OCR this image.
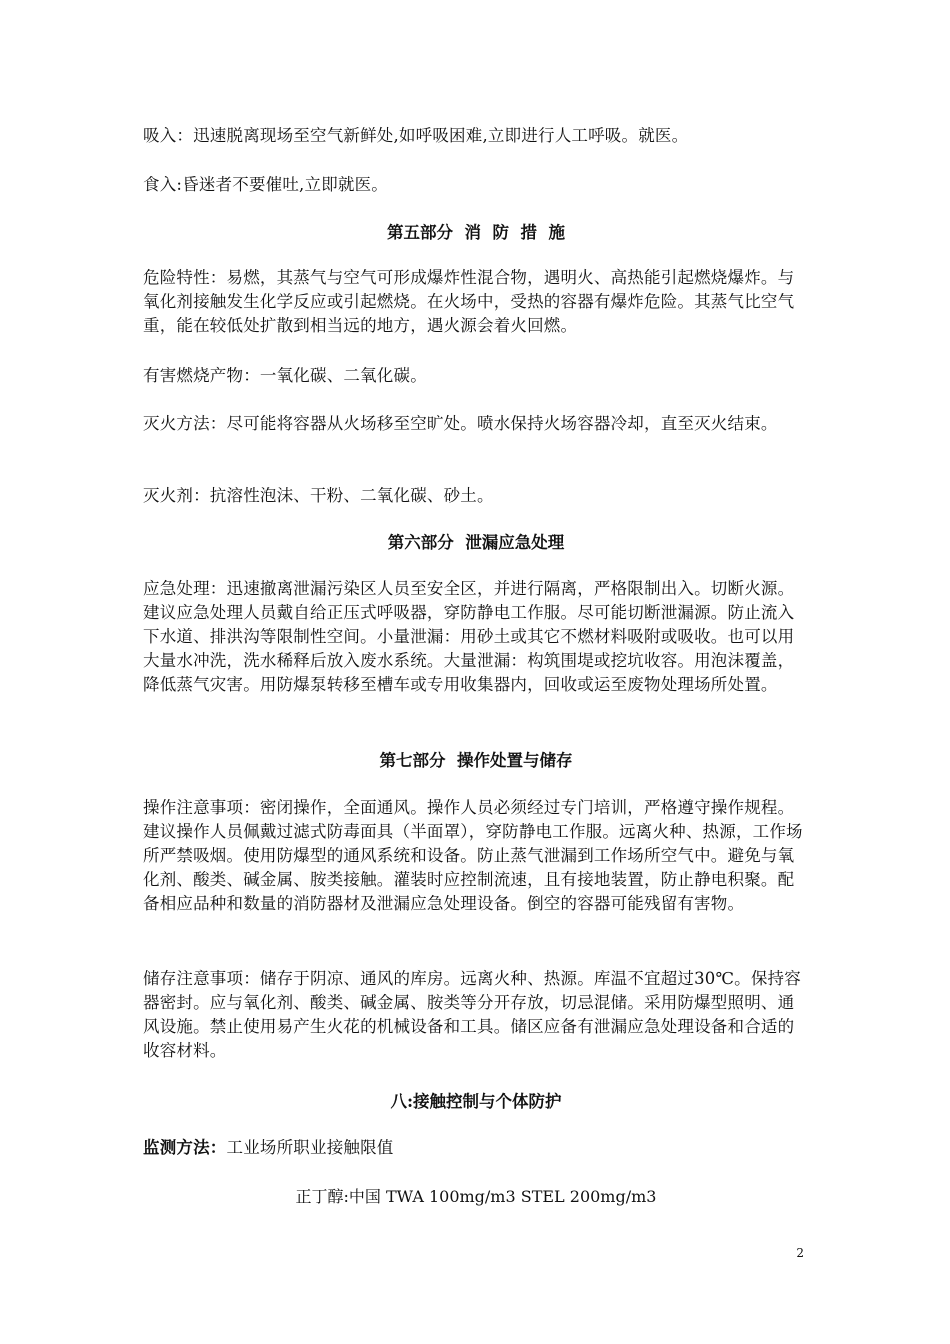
吸入：迅速脱离现场至空气新鲜处,如呼吸困难,立即进行人工呼吸。就医。

食入:昏迷者不要催吐,立即就医。

第五部分  消  防  措  施

危险特性：易燃，其蒸气与空气可形成爆炸性混合物，遇明火、高热能引起燃烧爆炸。与氧化剂接触发生化学反应或引起燃烧。在火场中，受热的容器有爆炸危险。其蒸气比空气重，能在较低处扩散到相当远的地方，遇火源会着火回燃。

有害燃烧产物：一氧化碳、二氧化碳。

灭火方法：尽可能将容器从火场移至空旷处。喷水保持火场容器冷却，直至灭火结束。

灭火剂：抗溶性泡沫、干粉、二氧化碳、砂土。

第六部分  泄漏应急处理

应急处理：迅速撤离泄漏污染区人员至安全区，并进行隔离，严格限制出入。切断火源。建议应急处理人员戴自给正压式呼吸器，穿防静电工作服。尽可能切断泄漏源。防止流入下水道、排洪沟等限制性空间。小量泄漏：用砂土或其它不燃材料吸附或吸收。也可以用大量水冲洗，洗水稀释后放入废水系统。大量泄漏：构筑围堤或挖坑收容。用泡沫覆盖，降低蒸气灾害。用防爆泵转移至槽车或专用收集器内，回收或运至废物处理场所处置。

第七部分  操作处置与储存

操作注意事项：密闭操作，全面通风。操作人员必须经过专门培训，严格遵守操作规程。建议操作人员佩戴过滤式防毒面具（半面罩），穿防静电工作服。远离火种、热源，工作场所严禁吸烟。使用防爆型的通风系统和设备。防止蒸气泄漏到工作场所空气中。避免与氧化剂、酸类、碱金属、胺类接触。灌装时应控制流速，且有接地装置，防止静电积聚。配备相应品种和数量的消防器材及泄漏应急处理设备。倒空的容器可能残留有害物。

储存注意事项：储存于阴凉、通风的库房。远离火种、热源。库温不宜超过30℃。保持容器密封。应与氧化剂、酸类、碱金属、胺类等分开存放，切忌混储。采用防爆型照明、通风设施。禁止使用易产生火花的机械设备和工具。储区应备有泄漏应急处理设备和合适的收容材料。

八:接触控制与个体防护

监测方法：工业场所职业接触限值

正丁醇:中国 TWA 100mg/m3 STEL 200mg/m3

2
